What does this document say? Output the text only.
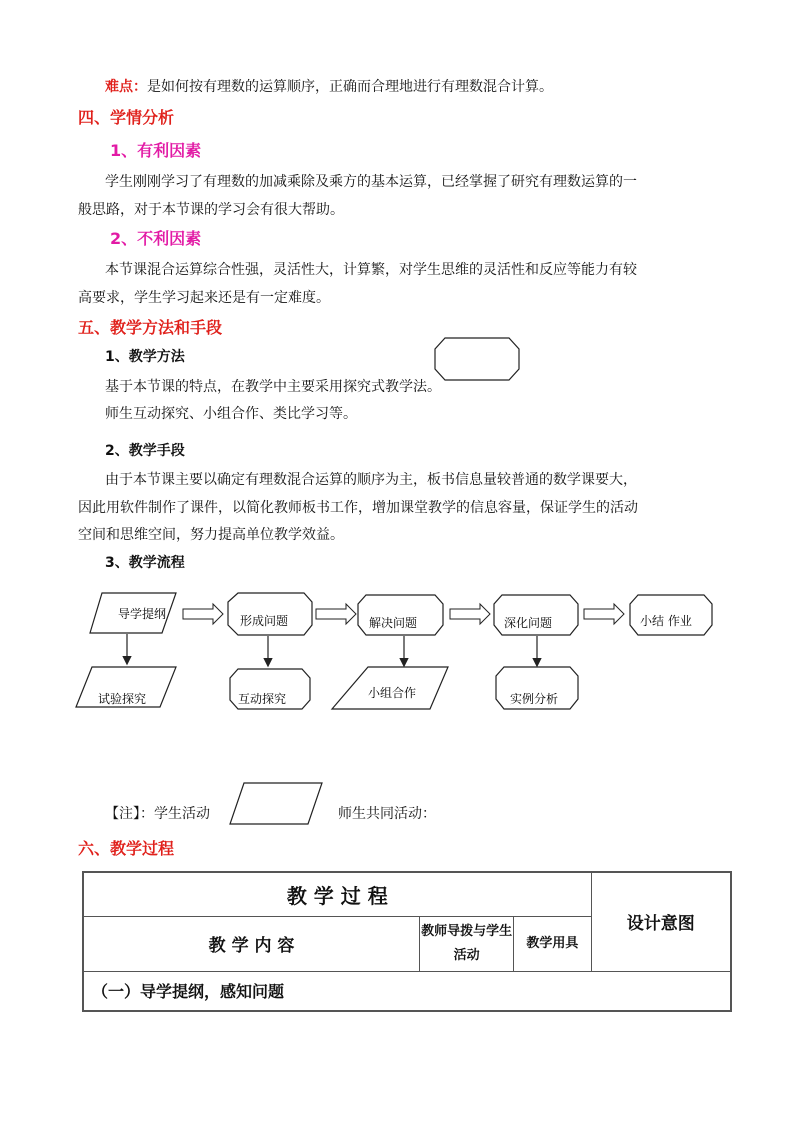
难点：是如何按有理数的运算顺序，正确而合理地进行有理数混合计算。
四、学情分析
1、有利因素
学生刚刚学习了有理数的加减乘除及乘方的基本运算，已经掌握了研究有理数运算的一
般思路，对于本节课的学习会有很大帮助。
2、不利因素
本节课混合运算综合性强，灵活性大，计算繁，对学生思维的灵活性和反应等能力有较
高要求，学生学习起来还是有一定难度。
五、教学方法和手段
1、教学方法
基于本节课的特点，在教学中主要采用探究式教学法。
师生互动探究、小组合作、类比学习等。
2、教学手段
由于本节课主要以确定有理数混合运算的顺序为主，板书信息量较普通的数学课要大，
因此用软件制作了课件，以简化教师板书工作，增加课堂教学的信息容量，保证学生的活动
空间和思维空间，努力提高单位教学效益。
3、教学流程
导学提纲	形成问题	解决问题	深化问题	小结 作业
试验探究	互动探究	小组合作	实例分析
【注】：学生活动	师生共同活动：
六、教学过程
教 学 过 程			设计意图
教 学 内 容	教师导拨与学生活动	教学用具	
（一）导学提纲，感知问题			
